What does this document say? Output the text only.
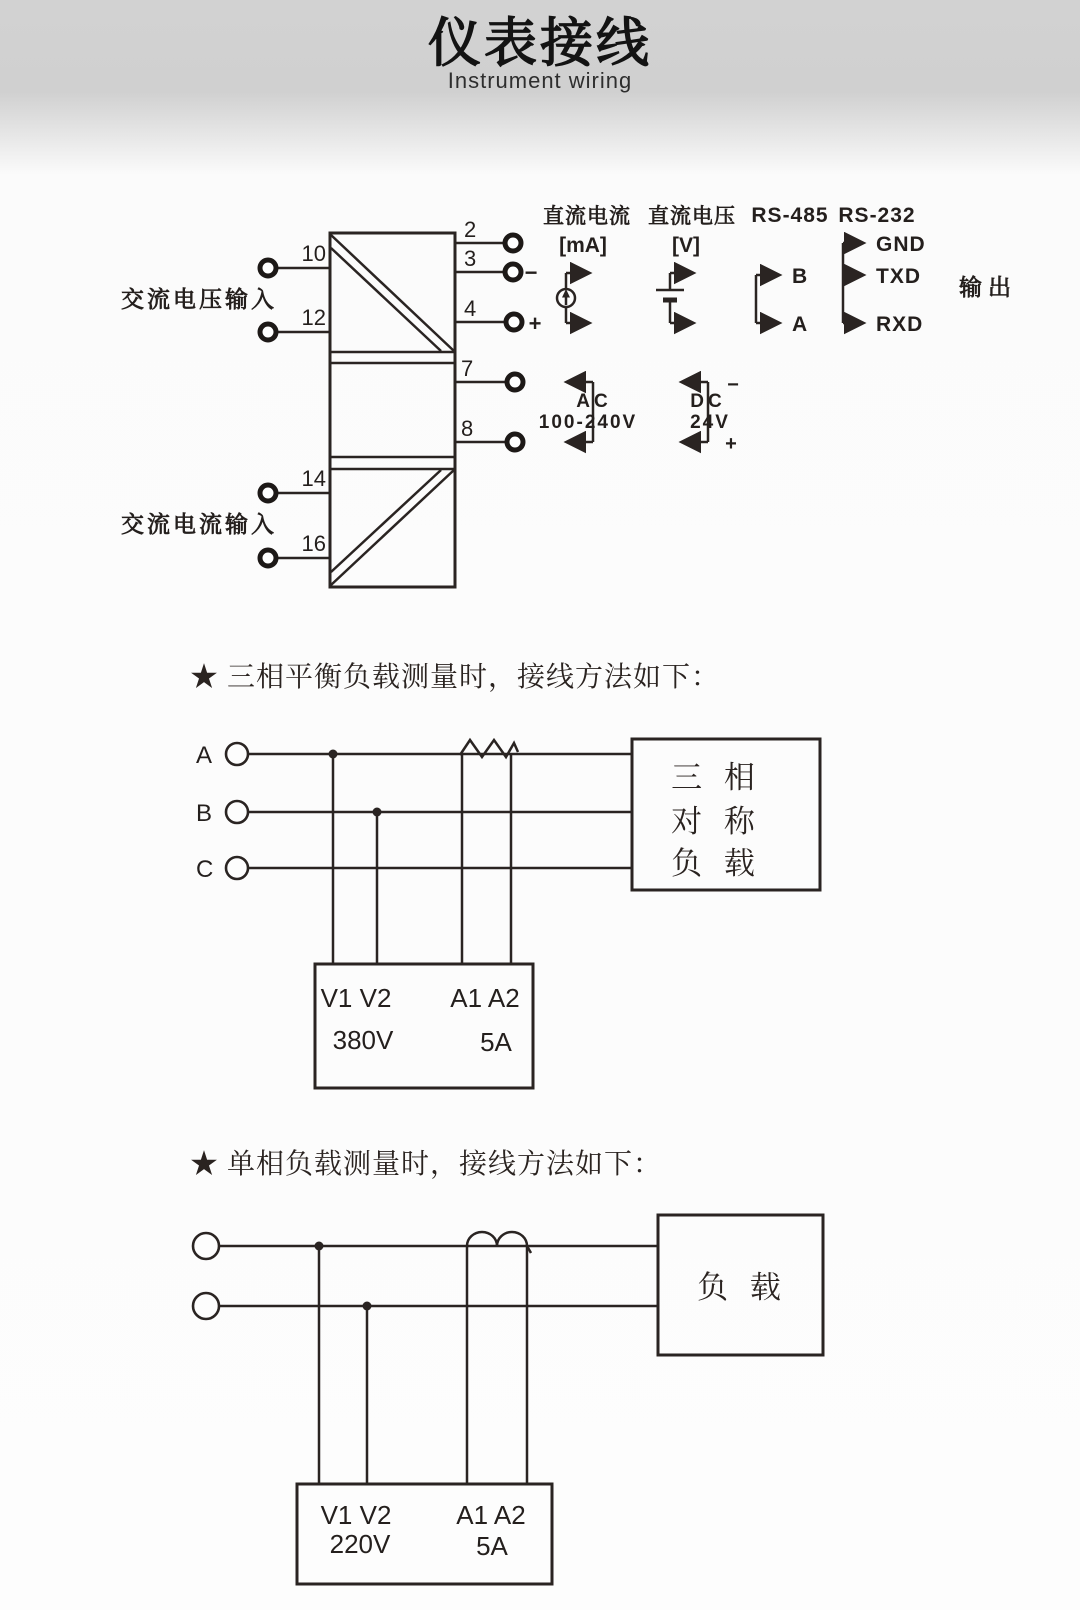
仪表接线
Instrument wiring
10
12
交流电压输入
14
16
交流电流输入
2
3
−
4
+
7
8
直流电流
[mA]
直流电压
[V]
RS-485
B
A
RS-232
GND
TXD
RXD
输出
AC
100-240V
−
+
DC
24V
★ 三相平衡负载测量时，接线方法如下：
A
B
C
三 相
对 称
负 载
V1 V2 A1 A2
380V	5A
★ 单相负载测量时，接线方法如下：
负 载
V1 V2 A1 A2
220V	5A
